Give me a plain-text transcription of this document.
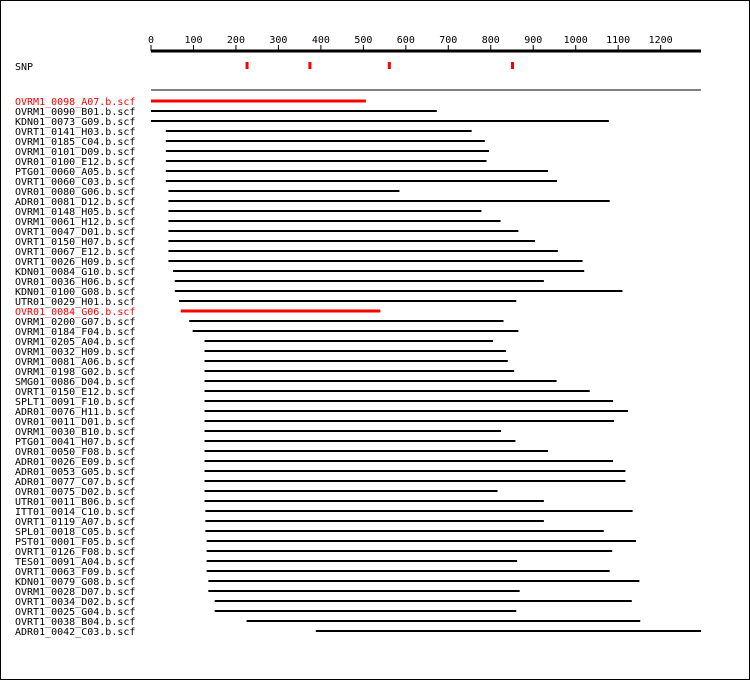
0	100 200 300 400 500 600 700 800 900 1000 1100 1200
SNP
OVRM1_0098_A07.b.scf
OVRM1_0090_B01.b.scf
KDN01_0073_G09.b.scf
OVRT1_0141_H03.b.scf
OVRM1_0185_C04.b.scf
OVRM1_0101_D09.b.scf
OVR01_0100_E12.b.scf
PTG01_0060_A05.b.scf
OVRT1_0060_C03.b.scf
OVR01_0080_G06.b.scf
ADR01_0081_D12.b.scf
OVRM1_0148_H05.b.scf
OVRM1_0061_H12.b.scf
OVRT1_0047_D01.b.scf
OVRT1_0150_H07.b.scf
OVRT1_0067_E12.b.scf
OVRT1_0026_H09.b.scf
KDN01_0084_G10.b.scf
OVR01_0036_H06.b.scf
KDN01_0100_G08.b.scf
UTR01_0029_H01.b.scf
OVR01_0084_G06.b.scf
OVRM1_0200_G07.b.scf
OVRM1_0184_F04.b.scf
OVRM1_0205_A04.b.scf
OVRM1_0032_H09.b.scf
OVRM1_0081_A06.b.scf
OVRM1_0198_G02.b.scf
SMG01_0086_D04.b.scf
OVRT1_0150_E12.b.scf
SPLT1_0091_F10.b.scf
ADR01_0076_H11.b.scf
OVR01_0011_D01.b.scf
OVRM1_0030_B10.b.scf
PTG01_0041_H07.b.scf
OVR01_0050_F08.b.scf
ADR01_0026_E09.b.scf
ADR01_0053_G05.b.scf
ADR01_0077_C07.b.scf
OVR01_0075_D02.b.scf
UTR01_0011_B06.b.scf
ITT01_0014_C10.b.scf
OVRT1_0119_A07.b.scf
SPL01_0018_C05.b.scf
PST01_0001_F05.b.scf
OVRT1_0126_F08.b.scf
TES01_0091_A04.b.scf
OVRT1_0063_F09.b.scf
KDN01_0079_G08.b.scf
OVRM1_0028_D07.b.scf
OVRT1_0034_D02.b.scf
OVRT1_0025_G04.b.scf
OVRT1_0038_B04.b.scf
ADR01_0042_C03.b.scf
